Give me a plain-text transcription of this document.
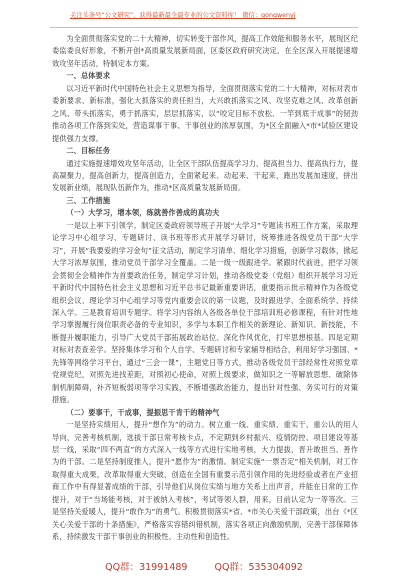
关注头条号“公文研究”，获得最新最全最专业的公文资料库！ 微信：gongwenyj

为全面贯彻落实党的二十大精神，切实转变干部作风，提高工作效能和服务水平，展现区纪委监委良好形象，不断开创*高质量发展新局面，区委区政府研究决定，在全区深入开展提速增效攻坚年活动，特制定本方案。

一、总体要求

以习近平新时代中国特色社会主义思想为指导，全面贯彻落实党的二十大精神，对标对表市委新要求、新标准，强化大抓落实的责任担当，大兴敢抓落实之风、攻坚克难之风、改革创新之风、带头抓落实，勇于抓落实，层层抓落实，以“咬定目标不放松、一竿到底干成事”的韧劲推动各项工作落到实处，营造谋事干事、干事创业的浓厚氛围，为*区全面融入*市*试验区建设提供强力支撑。

二、目标任务

通过实施提速增效攻坚年活动，让全区干部队伍提高学习力、提高担当力、提高执行力，提高凝聚力，提高创新力，提高创造力，全面紧起来、动起来、干起来，跑出发展加速度，拼出发展新业绩，展现队伍新作为，推动*区高质量发展新局面。

三、工作措施

（一）大学习，增本领，练就善作善成的真功夫

一是以上率下引领学。制定区委政府领导班子开展“大学习”专题读书班工作方案，采取理论学习中心组学习、专题研讨、读书班等形式开展学习研讨，统筹推进各级党员干部“大学习”，开展“我要爱的学习金句”征文活动，制定学习清单、细化学习措施，创新学习载体，掀起大学习浓厚氛围，推动党员干部学习全覆盖。二是一级一级跟进学。紧跟时代前进，把学习领会贯彻全会精神作为首要政治任务，制定学习计划，推动各级党委（党组）组织开展学习习近平新时代中国特色社会主义思想和习近平总书记最新重要讲话，重要指示批示精神作为各级党组织会议、理论学习中心组学习等党内重要会议的第一议题，及时跟进学、全面系统学、持续深入学。三是教育培训专题学。将学习内容纳入各级各单位干部培训班必修课程，有针对性地学习掌握履行岗位职责必备的专业知识，多学与本职工作相关的新理论、新知识、新技能，不断提升履职能力，引导广大党员干部拓展政治站位、深化作风优化，打牢思想根基。四是定期对标对表查差学。坚持集体学习和个人自学、专题研讨和专家辅导相结合，利用好学习强国、*先锋等网络学习平台，通过“三会一课”，主题党日等方式，推动各级党员干部经常性对照党章党规党纪，对照先进找差距，对照初心使命，对照上级要求，做知识之一等解放思想、破除体制机制障碍，补齐短板弱项等学习实践，不断增强政治能力，提出针对性强、务实可行的对策措施。

（二）要事干，干成事，提振思干肯干的精神气

一是坚持实绩用人，提升“想作为”的动力。树立重一线、重实绩、重实干、重公认的用人导向，完善考核机制，选拔干部日常考核卡点，不定期到乡村振兴、疫情防控、项目建设等基层一线，采取“四不两直”的方式深入一线等方式进行实地考核，大力提拔，晋升敢担当、善作为的干部。二是坚持制度推人，提升“愿作为”的激情。制定实施“一票否定”相关机制，对工作取得重大成果，改革取得重大突破，创造在全国有重要示范引领作用的先进经验或者在产业招商工作中有得显著成绩的干部，引导他们从岗位实绩与地方关系上出声音，并能在日常的工作提升，对于“当场能考核，对于被纳入考核”，考试等领人群，用来，目前认定为一等等次。三是坚持关爱暖人，提升“敢作为”的勇气。积极贯彻落实*省、*市关心关爱干部政策，出台《*区关心关爱干部的十条措施》，严格落实容错纠错机制，落实各项正向激励机制，完善干部保障体系，持续激发干部干事创业的积极性、主动性和创造性。

QQ群：31991489	QQ群：535304092
